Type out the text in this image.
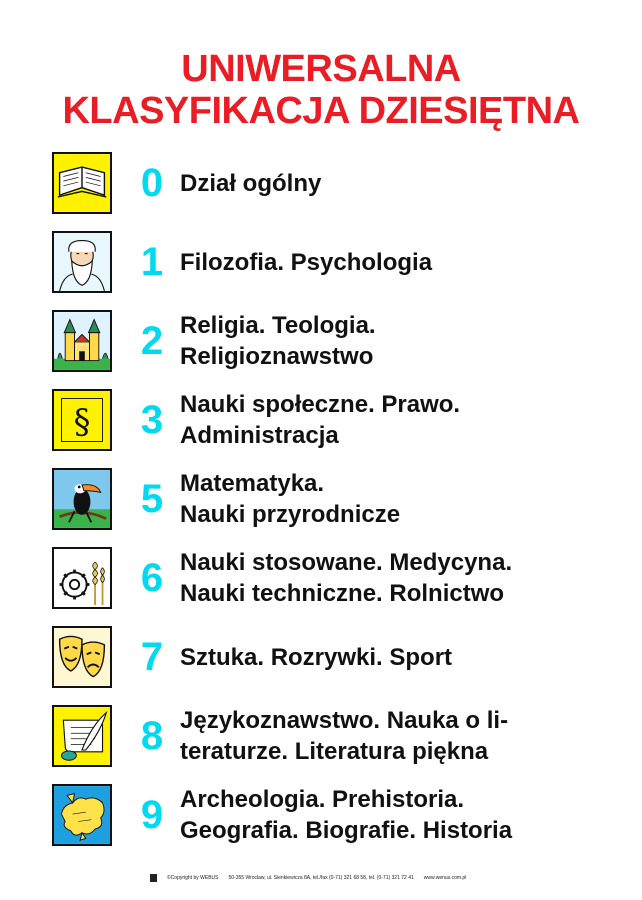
UNIWERSALNA
KLASYFIKACJA DZIESIĘTNA
0 Dział ogólny
1 Filozofia. Psychologia
2 Religia. Teologia.
Religioznawstwo
§ 3 Nauki społeczne. Prawo.
Administracja
5 Matematyka.
Nauki przyrodnicze
6 Nauki stosowane. Medycyna.
Nauki techniczne. Rolnictwo
7 Sztuka. Rozrywki. Sport
8 Językoznawstwo. Nauka o li-
teraturze. Literatura piękna
9 Archeologia. Prehistoria.
Geografia. Biografie. Historia
©Copyright by WEBUS 50-355 Wrocław, ul. Sienkiewicza 8A, tel./fax (0-71) 321 68 58, tel. (0-71) 321 72 41 www.wenus.com.pl
